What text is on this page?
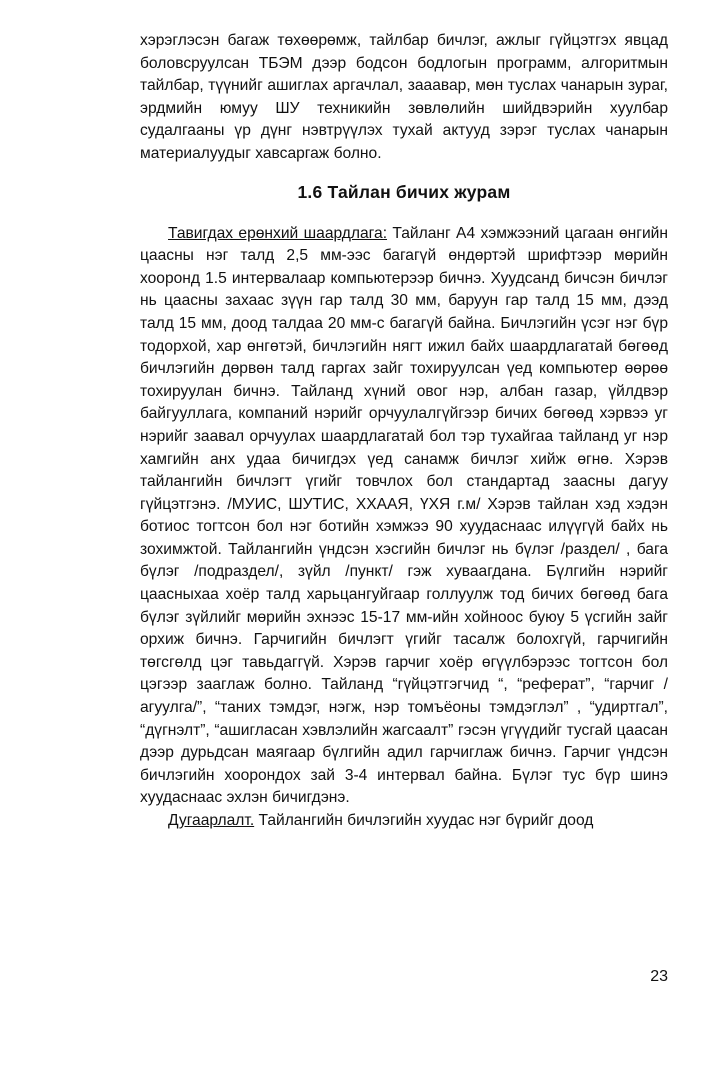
хэрэглэсэн багаж төхөөрөмж, тайлбар бичлэг, ажлыг гүйцэтгэх явцад боловсруулсан ТБЭМ дээр бодсон бодлогын программ, алгоритмын тайлбар, түүнийг ашиглах аргачлал, зааавар, мөн туслах чанарын зураг, эрдмийн юмуу ШУ техникийн зөвлөлийн шийдвэрийн хуулбар судалгааны үр дүнг нэвтрүүлэх тухай актууд зэрэг туслах чанарын материалуудыг хавсаргаж болно.

1.6 Тайлан бичих журам

Тавигдах ерөнхий шаардлага: Тайланг А4 хэмжээний цагаан өнгийн цаасны нэг талд 2,5 мм-ээс багагүй өндөртэй шрифтээр мөрийн хооронд 1.5 интервалаар компьютерээр бичнэ. Хуудсанд бичсэн бичлэг нь цаасны захаас зүүн гар талд 30 мм, баруун гар талд 15 мм, дээд талд 15 мм, доод талдаа 20 мм-с багагүй байна. Бичлэгийн үсэг нэг бүр тодорхой, хар өнгөтэй, бичлэгийн нягт ижил байх шаардлагатай бөгөөд бичлэгийн дөрвөн талд гаргах зайг тохируулсан үед компьютер өөрөө тохируулан бичнэ. Тайланд хүний овог нэр, албан газар, үйлдвэр байгууллага, компаний нэрийг орчуулалгүйгээр бичих бөгөөд хэрвээ уг нэрийг заавал орчуулах шаардлагатай бол тэр тухайгаа тайланд уг нэр хамгийн анх удаа бичигдэх үед санамж бичлэг хийж өгнө. Хэрэв тайлангийн бичлэгт үгийг товчлох бол стандартад заасны дагуу гүйцэтгэнэ. /МУИС, ШУТИС, ХХААЯ, ҮХЯ г.м/ Хэрэв тайлан хэд хэдэн ботиос тогтсон бол нэг ботийн хэмжээ 90 хуудаснаас илүүгүй байх нь зохимжтой. Тайлангийн үндсэн хэсгийн бичлэг нь бүлэг /раздел/ , бага бүлэг /подраздел/, зүйл /пункт/ гэж хуваагдана. Бүлгийн нэрийг цаасныхаа хоёр талд харьцангуйгаар голлуулж тод бичих бөгөөд бага бүлэг зүйлийг мөрийн эхнээс 15-17 мм-ийн хойноос буюу 5 үсгийн зайг орхиж бичнэ. Гарчигийн бичлэгт үгийг тасалж болохгүй, гарчигийн төгсгөлд цэг тавьдаггүй. Хэрэв гарчиг хоёр өгүүлбэрээс тогтсон бол цэгээр зааглаж болно. Тайланд “гүйцэтгэгчид “, “реферат”, “гарчиг /агуулга/”, “таних тэмдэг, нэгж, нэр томъёоны тэмдэглэл” , “удиртгал”, “дүгнэлт”, “ашигласан хэвлэлийн жагсаалт” гэсэн үгүүдийг тусгай цаасан дээр дурьдсан маягаар бүлгийн адил гарчиглаж бичнэ. Гарчиг үндсэн бичлэгийн хоорондох зай 3-4 интервал байна. Бүлэг тус бүр шинэ хуудаснаас эхлэн бичигдэнэ.

Дугаарлалт. Тайлангийн бичлэгийн хуудас нэг бүрийг доод

23
